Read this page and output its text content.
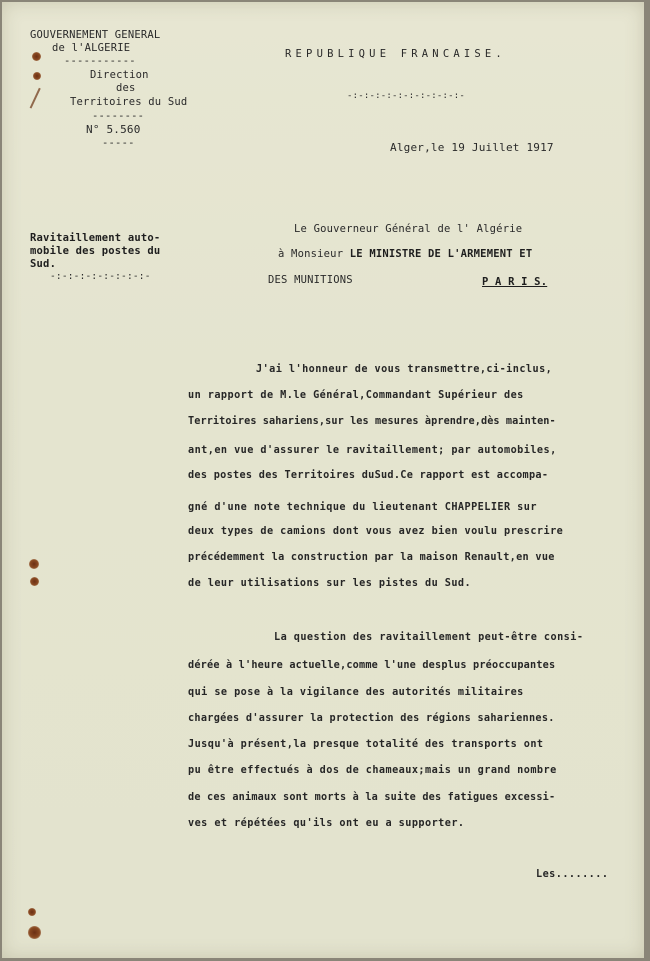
GOUVERNEMENT GENERAL
de l'ALGERIE
-----------
Direction
des
Territoires du Sud
--------
N° 5.560
-----
REPUBLIQUE FRANCAISE.
-:-:-:-:-:-:-:-:-:-:-
Alger,le 19 Juillet 1917
Ravitaillement auto-
mobile des postes du
Sud.
-:-:-:-:-:-:-:-:-
Le Gouverneur Général de l' Algérie
à Monsieur LE MINISTRE DE L'ARMEMENT ET
DES MUNITIONS	P A R I S.
J'ai l'honneur de vous transmettre,ci-inclus,
un rapport de M.le Général,Commandant Supérieur des
Territoires sahariens,sur les mesures àprendre,dès mainten-
ant,en vue d'assurer le ravitaillement; par automobiles,
des postes des Territoires duSud.Ce rapport est accompa-
gné d'une note technique du lieutenant CHAPPELIER sur
deux types de camions dont vous avez bien voulu prescrire
précédemment la construction par la maison Renault,en vue
de leur utilisations sur les pistes du Sud.
La question des ravitaillement peut-être consi-
dérée à l'heure actuelle,comme l'une desplus préoccupantes
qui se pose à la vigilance des autorités militaires
chargées d'assurer la protection des régions sahariennes.
Jusqu'à présent,la presque totalité des transports ont
pu être effectués à dos de chameaux;mais un grand nombre
de ces animaux sont morts à la suite des fatigues excessi-
ves et répétées qu'ils ont eu a supporter.
Les........
